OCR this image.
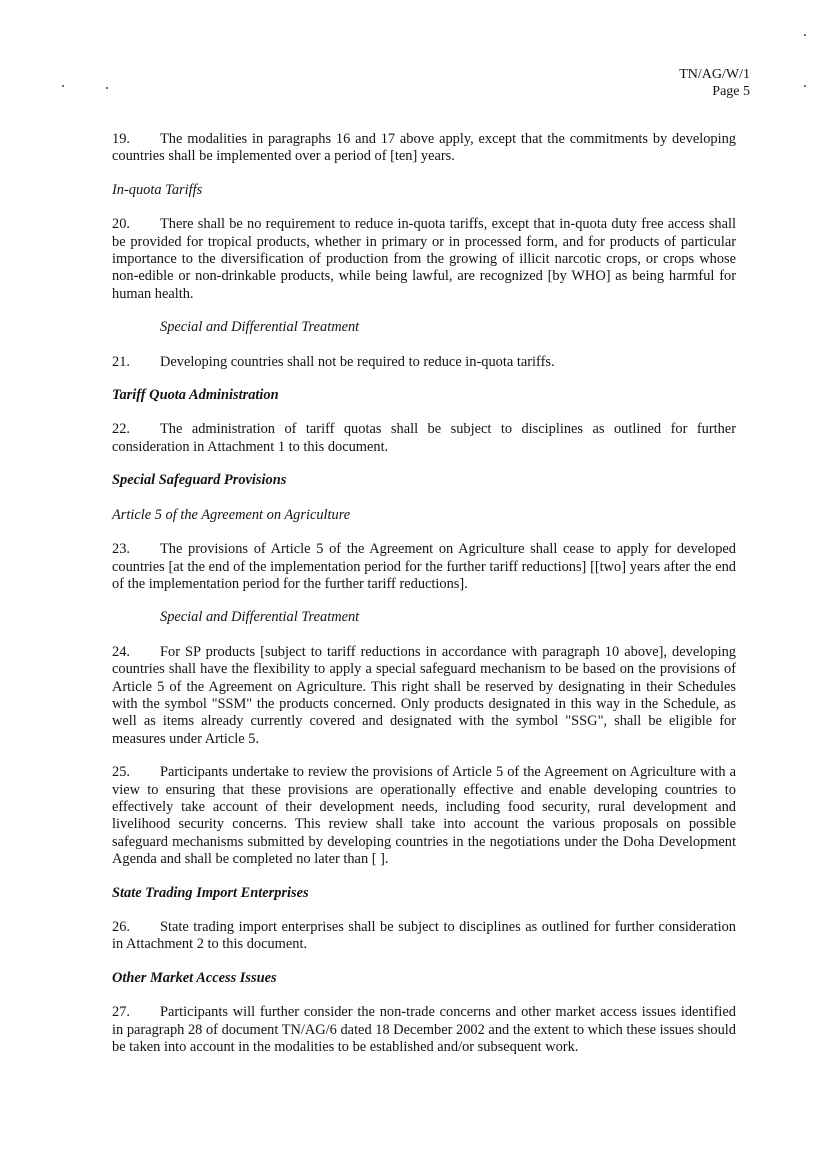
TN/AG/W/1
Page 5

19. The modalities in paragraphs 16 and 17 above apply, except that the commitments by developing countries shall be implemented over a period of [ten] years.

In-quota Tariffs

20. There shall be no requirement to reduce in-quota tariffs, except that in-quota duty free access shall be provided for tropical products, whether in primary or in processed form, and for products of particular importance to the diversification of production from the growing of illicit narcotic crops, or crops whose non-edible or non-drinkable products, while being lawful, are recognized [by WHO] as being harmful for human health.

Special and Differential Treatment

21. Developing countries shall not be required to reduce in-quota tariffs.

Tariff Quota Administration

22. The administration of tariff quotas shall be subject to disciplines as outlined for further consideration in Attachment 1 to this document.

Special Safeguard Provisions
Article 5 of the Agreement on Agriculture

23. The provisions of Article 5 of the Agreement on Agriculture shall cease to apply for developed countries [at the end of the implementation period for the further tariff reductions] [[two] years after the end of the implementation period for the further tariff reductions].

Special and Differential Treatment

24. For SP products [subject to tariff reductions in accordance with paragraph 10 above], developing countries shall have the flexibility to apply a special safeguard mechanism to be based on the provisions of Article 5 of the Agreement on Agriculture. This right shall be reserved by designating in their Schedules with the symbol "SSM" the products concerned. Only products designated in this way in the Schedule, as well as items already currently covered and designated with the symbol "SSG", shall be eligible for measures under Article 5.

25. Participants undertake to review the provisions of Article 5 of the Agreement on Agriculture with a view to ensuring that these provisions are operationally effective and enable developing countries to effectively take account of their development needs, including food security, rural development and livelihood security concerns. This review shall take into account the various proposals on possible safeguard mechanisms submitted by developing countries in the negotiations under the Doha Development Agenda and shall be completed no later than [ ].

State Trading Import Enterprises

26. State trading import enterprises shall be subject to disciplines as outlined for further consideration in Attachment 2 to this document.

Other Market Access Issues

27. Participants will further consider the non-trade concerns and other market access issues identified in paragraph 28 of document TN/AG/6 dated 18 December 2002 and the extent to which these issues should be taken into account in the modalities to be established and/or subsequent work.
